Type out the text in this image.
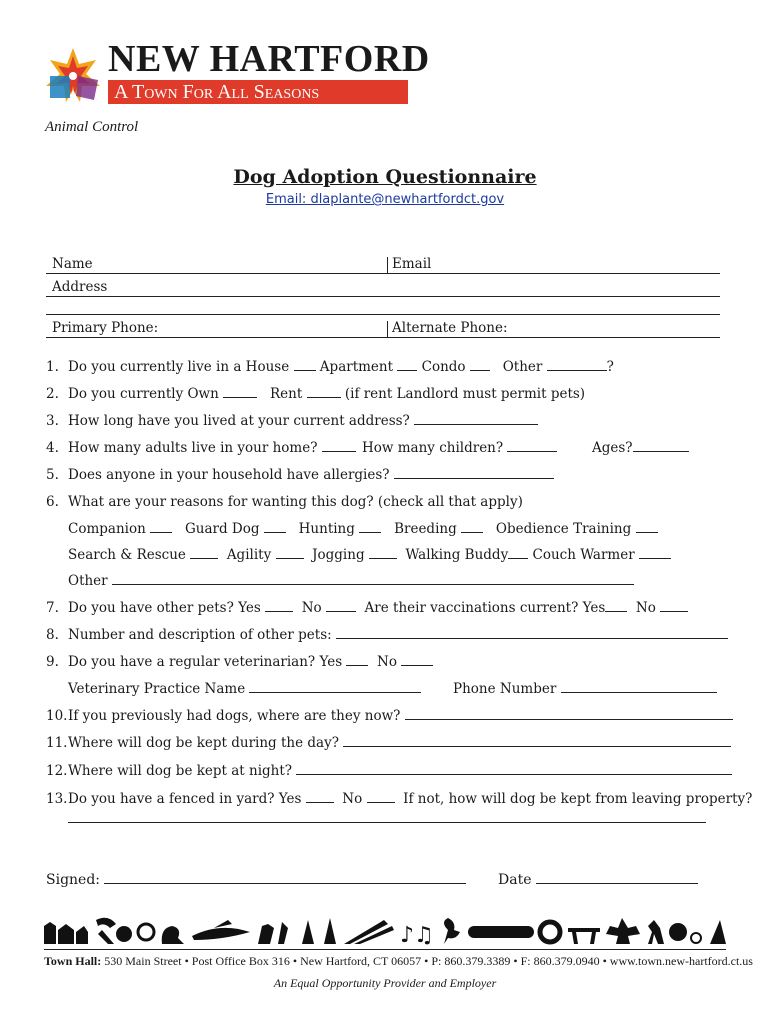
NEW HARTFORD
A Town For All Seasons
Animal Control
Dog Adoption Questionnaire
Email: dlaplante@newhartfordct.gov
Name	Email
Address
Primary Phone:	Alternate Phone:
1. Do you currently live in a House Apartment Condo	Other	?
2. Do you currently Own	Rent	(if rent Landlord must permit pets)
3. How long have you lived at your current address?
4. How many adults live in your home?	How many children?	Ages?
5. Does anyone in your household have allergies?
6. What are your reasons for wanting this dog? (check all that apply)
Companion	Guard Dog	Hunting	Breeding	Obedience Training
Search & Rescue	Agility	Jogging	Walking Buddy Couch Warmer
Other
7. Do you have other pets? Yes	No	Are their vaccinations current? Yes No
8. Number and description of other pets:
9. Do you have a regular veterinarian? Yes	No
Veterinary Practice Name	Phone Number
10.If you previously had dogs, where are they now?
11.Where will dog be kept during the day?
12.Where will dog be kept at night?
13.Do you have a fenced in yard? Yes	No	If not, how will dog be kept from leaving property?
Signed:	Date
♪♫
Town Hall: 530 Main Street • Post Office Box 316 • New Hartford, CT 06057 • P: 860.379.3389 • F: 860.379.0940 • www.town.new-hartford.ct.us
An Equal Opportunity Provider and Employer
